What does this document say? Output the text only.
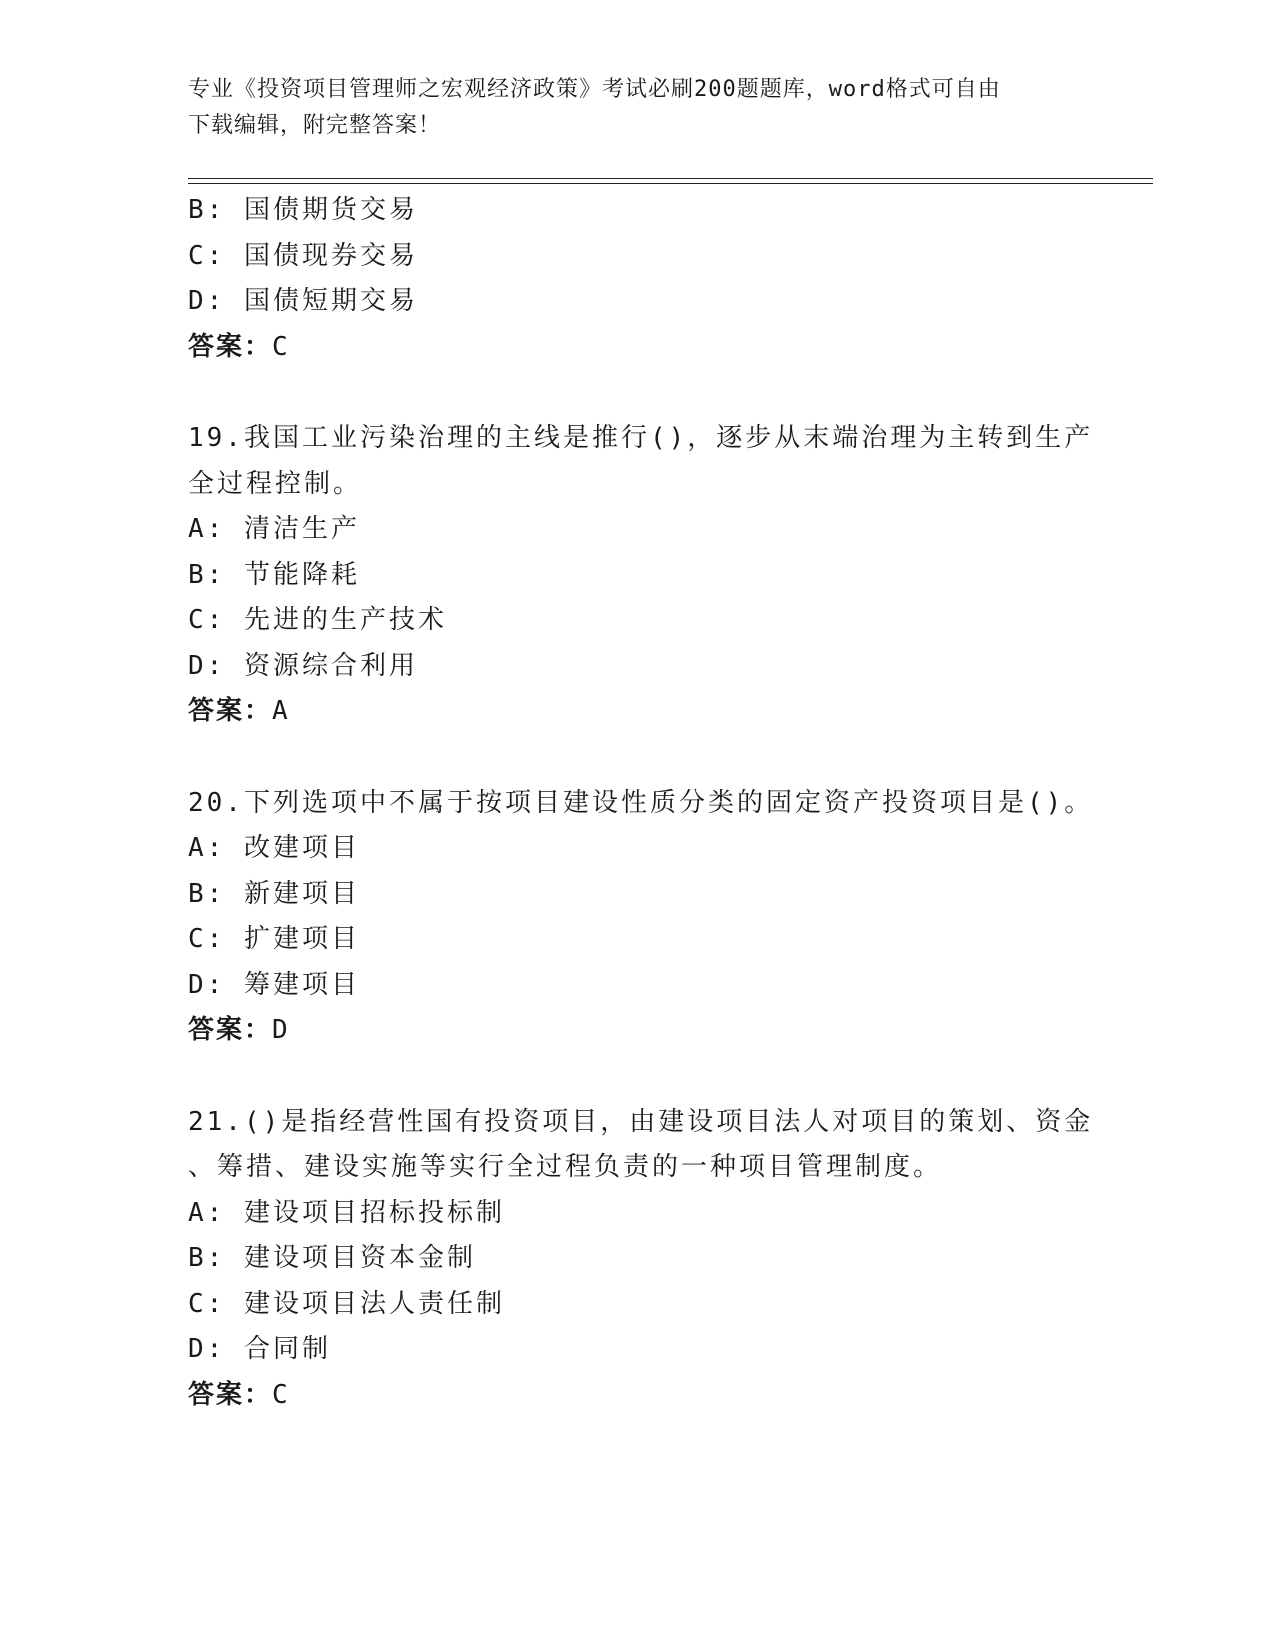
专业《投资项目管理师之宏观经济政策》考试必刷200题题库，word格式可自由
下载编辑，附完整答案！
B: 国债期货交易
C: 国债现券交易
D: 国债短期交易
答案：C
19.我国工业污染治理的主线是推行()，逐步从末端治理为主转到生产
全过程控制。
A: 清洁生产
B: 节能降耗
C: 先进的生产技术
D: 资源综合利用
答案：A
20.下列选项中不属于按项目建设性质分类的固定资产投资项目是()。
A: 改建项目
B: 新建项目
C: 扩建项目
D: 筹建项目
答案：D
21.()是指经营性国有投资项目，由建设项目法人对项目的策划、资金
、筹措、建设实施等实行全过程负责的一种项目管理制度。
A: 建设项目招标投标制
B: 建设项目资本金制
C: 建设项目法人责任制
D: 合同制
答案：C
